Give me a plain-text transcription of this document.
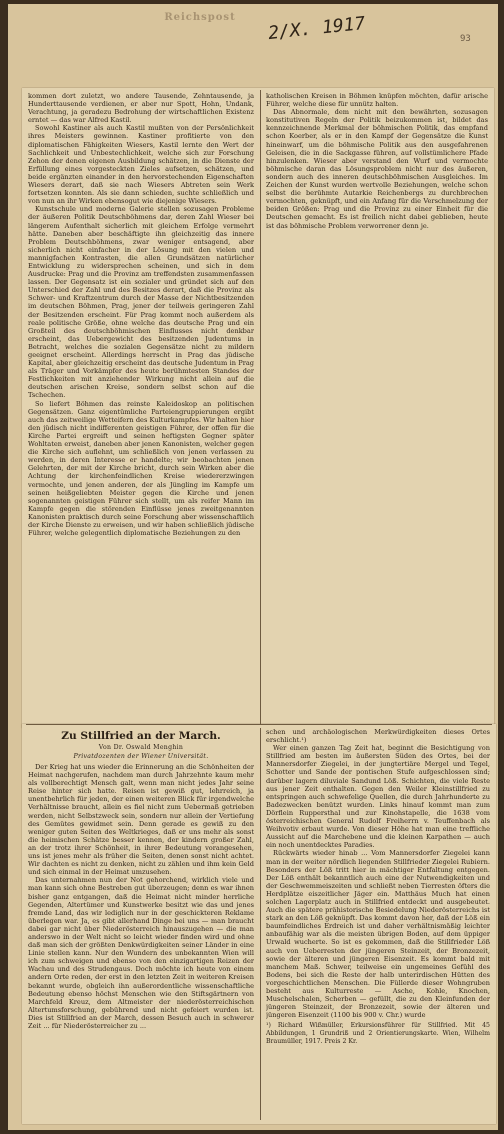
Reichspost	2/X. 1917	93

kommen dort zuletzt, wo andere Tausende, Zehntausende, ja Hunderttausende verdienen, er aber nur Spott, Hohn, Undank, Verachtung, ja geradezu Bedrohung der wirtschaftlichen Existenz erntet — das war Alfred Kastil.

Sowohl Kastiner als auch Kastil mußten von der Persönlichkeit ihres Meisters gewinnen. Kastiner profitierte von den diplomatischen Fähigkeiten Wiesers, Kastil lernte den Wert der Sachlichkeit und Unbestechlichkeit, welche sich zur Forschung Zehon der denen eigenen Ausbildung schätzen, in die Dienste der Erfüllung eines vorgesteckten Zieles aufsetzen, schätzen, und beide ergänzten einander in den hervorstechenden Eigenschaften Wiesers derart, daß sie nach Wiesers Abtreten sein Werk fortsetzen konnten. Als sie dann schieden, suchte schließlich und von nun an ihr Wirken ebensogut wie diejenige Wiesers.

Kunstschule und moderne Galerie stellen sozusagen Probleme der äußeren Politik Deutschböhmens dar, deren Zahl Wieser bei längerem Aufenthalt sicherlich mit gleichem Erfolge vermehrt hätte. Daneben aber beschäftigte ihn gleichzeitig das innere Problem Deutschböhmens, zwar weniger entsagend, aber sicherlich nicht einfacher in der Lösung mit den vielen und mannigfachen Kontrasten, die allen Grundsätzen natürlicher Entwicklung zu widersprechen scheinen, und sich in dem Ausdrucke: Prag und die Provinz am treffendsten zusammenfassen lassen. Der Gegensatz ist ein sozialer und gründet sich auf den Unterschied der Zahl und des Besitzes derart, daß die Provinz als Schwer- und Kraftzentrum durch der Masse der Nichtbesitzenden im deutschen Böhmen, Prag, jener der teilweis geringeren Zahl der Besitzenden erscheint. Für Prag kommt noch außerdem als reale politische Größe, ohne welche das deutsche Prag und ein Großteil des deutschböhmischen Einflusses nicht denkbar erscheint, das Uebergewicht des besitzenden Judentums in Betracht, welches die sozialen Gegensätze nicht zu mildern geeignet erscheint. Allerdings herrscht in Prag das jüdische Kapital, aber gleichzeitig erscheint das deutsche Judentum in Prag als Träger und Vorkämpfer des heute berühmtesten Standes der Festlichkeiten mit anziehender Wirkung nicht allein auf die deutschen arischen Kreise, sondern selbst schon auf die Tschechen.

So liefert Böhmen das reinste Kaleidoskop an politischen Gegensätzen. Ganz eigentümliche Parteiengruppierungen ergibt auch das zeitweilige Wetteifern des Kulturkampfes. Wir halten hier den jüdisch nicht indifferenten geistigen Führer, der offen für die Kirche Partei ergreift und seinen heftigsten Gegner später Wohltaten erweist, daneben aber jenen Kanonisten, welcher gegen die Kirche sich auflehnt, um schließlich von jenen verlassen zu werden, in deren Interesse er handelte; wir beobachten jenen Gelehrten, der mit der Kirche bricht, durch sein Wirken aber die Achtung der kirchenfeindlichen Kreise wiedererzwingen vermochte, und jenen anderen, der als Jüngling im Kampfe um seinen heißgeliebten Meister gegen die Kirche und jenen sogenannten geistigen Führer sich stellt, um als reifer Mann im Kampfe gegen die störenden Einflüsse jenes zweitgenannten Kanonisten praktisch durch seine Forschung aber wissenschaftlich der Kirche Dienste zu erweisen, und wir haben schließlich jüdische Führer, welche gelegentlich diplomatische Beziehungen zu den

katholischen Kreisen in Böhmen knüpfen möchten, dafür arische Führer, welche diese für unnütz halten.

Das Abnormale, dem nicht mit den bewährten, sozusagen konstitutiven Regeln der Politik beizukommen ist, bildet das kennzeichnende Merkmal der böhmischen Politik, das empfand schon Koerber, als er in den Kampf der Gegensätze die Kunst hineinwarf, um die böhmische Politik aus den ausgefahrenen Geleisen, die in die Sackgasse führen, auf vollstümlichere Pfade hinzulenken. Wieser aber verstand den Wurf und vermochte böhmische daran das Lösungsproblem nicht nur des äußeren, sondern auch des inneren deutschböhmischen Ausgleiches. Im Zeichen der Kunst wurden wertvolle Beziehungen, welche schon selbst die berühmte Autarkie Reichenbergs zu durchbrechen vermochten, geknüpft, und ein Anfang für die Verschmelzung der beiden Größen: Prag und die Provinz zu einer Einheit für die Deutschen gemacht. Es ist freilich nicht dabei geblieben, heute ist das böhmische Problem verworrener denn je.

Zu Stillfried an der March.
Von Dr. Oswald Menghin
Privatdozenten der Wiener Universität.

Der Krieg hat uns wieder die Erinnerung an die Schönheiten der Heimat nachgerufen, nachdem man durch Jahrzehnte kaum mehr als vollberechtigt Mensch galt, wenn man nicht jedes Jahr seine Reise hinter sich hatte. Reisen ist gewiß gut, lehrreich, ja unentbehrlich für jeden, der einen weiteren Blick für irgendwelche Verhältnisse braucht, allein es fiel nicht zum Uebermaß getrieben werden, nicht Selbstzweck sein, sondern nur allein der Vertiefung des Gemütes gewidmet sein. Denn gerade es gewiß zu den weniger guten Seiten des Weltkrieges, daß er uns mehr als sonst die heimischen Schätze besser kennen, der kindern großer Zahl, an der trotz ihrer Schönheit, in ihrer Bedeutung vorangesehen, uns ist jenes mehr als früher die Seiten, denen sonst nicht achtet. Wir dachten es nicht zu denken, nicht zu zählen und ihm kein Geld und sich einmal in der Heimat umzusehen.

Das unternahmen nun der Not gehorchend, wirklich viele und man kann sich ohne Bestreben gut überzeugen; denn es war ihnen bisher ganz entgangen, daß die Heimat nicht minder herrliche Gegenden, Altertümer und Kunstwerke besitzt wie das und jenes fremde Land, das wir lediglich nur in der geschickteren Reklame überlegen war. Ja, es gibt allerhand Dinge bei uns — man braucht dabei gar nicht über Niederösterreich hinauszugehen — die man anderswo in der Welt nicht so leicht wieder finden wird und ohne daß man sich der größten Denkwürdigkeiten seiner Länder in eine Linie stellen kann. Nur den Wundern des unbekannten Wien will ich zum schweigen und ebenso von den einzigartigen Reizen der Wachau und des Strudengaus. Doch möchte ich heute von einem andern Orte reden, der erst in den letzten Zeit in weiteren Kreisen bekannt wurde, obgleich ihn außerordentliche wissenschaftliche Bedeutung ebenso höchst Menschen wie den Stiftsgärtnern von Marchfeld Kreuz, dem Altmeister der niederösterreichischen Altertumsforschung, gebührend und nicht gefeiert wurden ist. Dies ist Stillfried an der March, dessen Besuch auch in schwerer Zeit ... für Niederösterreicher zu ...

schen und archäologischen Merkwürdigkeiten dieses Ortes erschlicht.¹)

Wer einen ganzen Tag Zeit hat, beginnt die Besichtigung von Stillfried am besten im äußersten Süden des Ortes, bei der Mannersdorfer Ziegelei, in der jungtertiäre Mergel und Tegel, Schotter und Sande der pontischen Stufe aufgeschlossen sind; darüber lagern diluviale Sandund Löß. Schichten, die viele Reste aus jener Zeit enthalten. Gegen den Weiler Kleinstillfried zu entspringen auch schwefelige Quellen, die durch Jahrhunderte zu Badezwecken benützt wurden. Links hinauf kommt man zum Dörflein Ruppersthal und zur Kinohstapelle, die 1638 vom österreichischen General Rudolf Freiherrn v. Teuffenbach als Weihvotiv erbaut wurde. Von dieser Höhe hat man eine treffliche Aussicht auf die Marchebene und die kleinen Karpathen — auch ein noch unentdecktes Paradies.

Rückwärts wieder hinab ... Vom Mannersdorfer Ziegelei kann man in der weiter nördlich liegenden Stillfrieder Ziegelei Rubiern. Besonders der Löß tritt hier in mächtiger Entfaltung entgegen. Der Löß enthält bekanntlich auch eine der Nutwendigkeiten und der Geschwemmeiszeiten und schließt neben Tierresten öfters die Herdplätze eiszeitlicher Jäger ein. Matthäus Much hat einen solchen Lagerplatz auch in Stillfried entdeckt und ausgebeutet. Auch die spätere prähistorische Besiedelung Niederösterreichs ist stark an den Löß geknüpft. Das kommt davon her, daß der Löß ein baumfeindliches Erdreich ist und daher verhältnismäßig leichter anbaufähig war als die meisten übrigen Boden, auf dem üppiger Urwald wucherte. So ist es gekommen, daß die Stillfrieder Löß auch von Ueberresten der jüngeren Steinzeit, der Bronzezeit, sowie der älteren und jüngeren Eisenzeit. Es kommt bald mit manchem Maß. Schwer, teilweise ein ungemeines Gefühl des Bodens, bei sich die Reste der halb unterirdischen Hütten des vorgeschichtlichen Menschen. Die Füllerde dieser Wohngruben besteht aus Kulturreste — Asche, Kohle, Knochen, Muschelschalen, Scherben — gefüllt, die zu den Kleinfunden der jüngeren Steinzeit, der Bronzezeit, sowie der älteren und jüngeren Eisenzeit (1100 bis 900 v. Chr.) wurde

¹) Richard Wißmüller, Erkursionsführer für Stillfried. Mit 45 Abbildungen, 1 Grundriß und 2 Orientierungskarte. Wien, Wilhelm Braumüller, 1917. Preis 2 Kr.
